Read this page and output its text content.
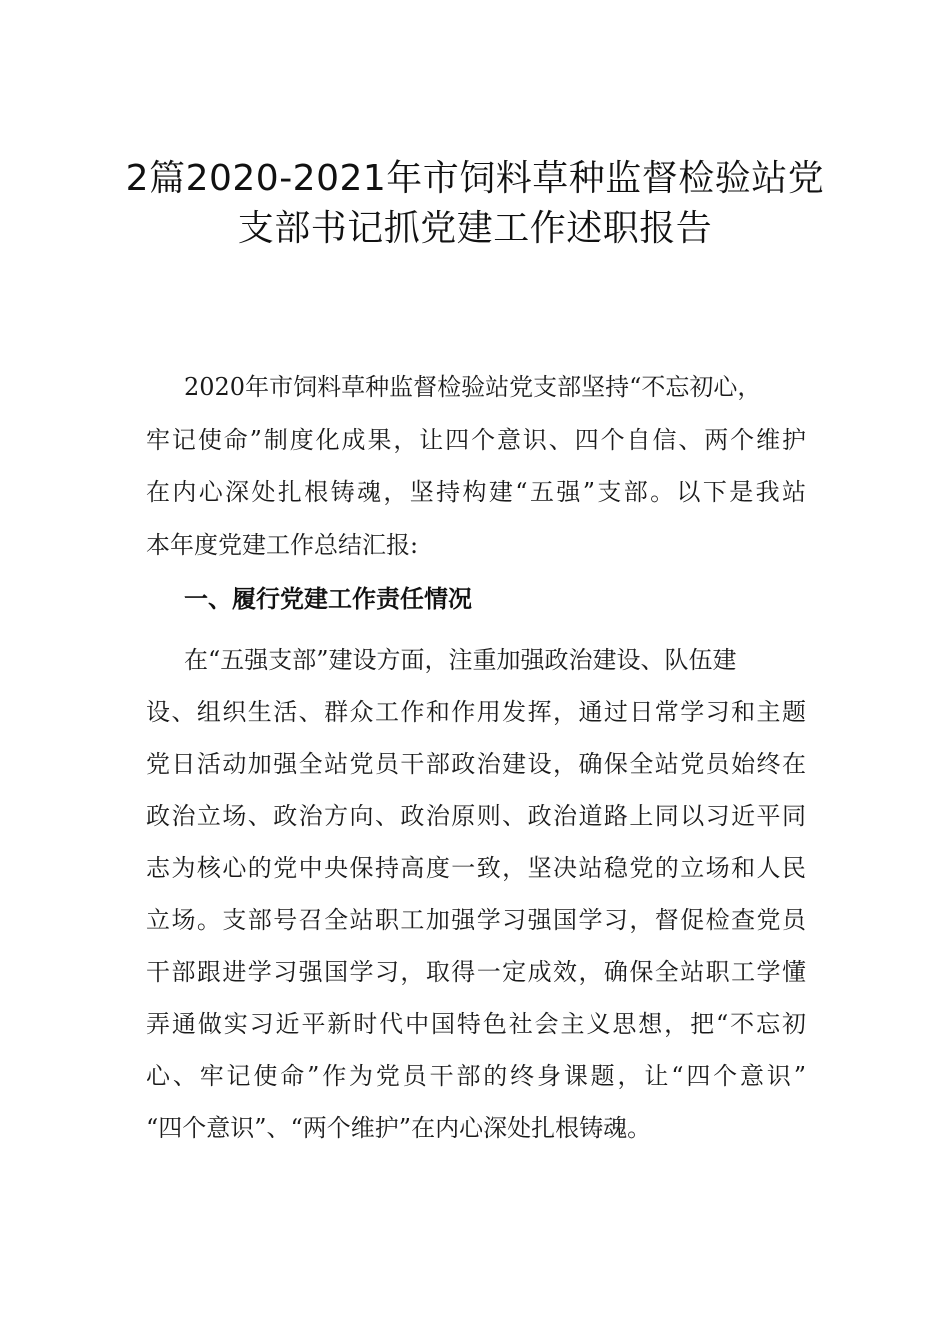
2篇2020-2021年市饲料草种监督检验站党
支部书记抓党建工作述职报告
2020年市饲料草种监督检验站党支部坚持“不忘初心，
牢记使命”制度化成果，让四个意识、四个自信、两个维护
在内心深处扎根铸魂，坚持构建“五强”支部。以下是我站
本年度党建工作总结汇报:
一、履行党建工作责任情况
在“五强支部”建设方面，注重加强政治建设、队伍建
设、组织生活、群众工作和作用发挥，通过日常学习和主题
党日活动加强全站党员干部政治建设，确保全站党员始终在
政治立场、政治方向、政治原则、政治道路上同以习近平同
志为核心的党中央保持高度一致，坚决站稳党的立场和人民
立场。支部号召全站职工加强学习强国学习，督促检查党员
干部跟进学习强国学习，取得一定成效，确保全站职工学懂
弄通做实习近平新时代中国特色社会主义思想，把“不忘初
心、牢记使命”作为党员干部的终身课题，让“四个意识”
“四个意识”、“两个维护”在内心深处扎根铸魂。
